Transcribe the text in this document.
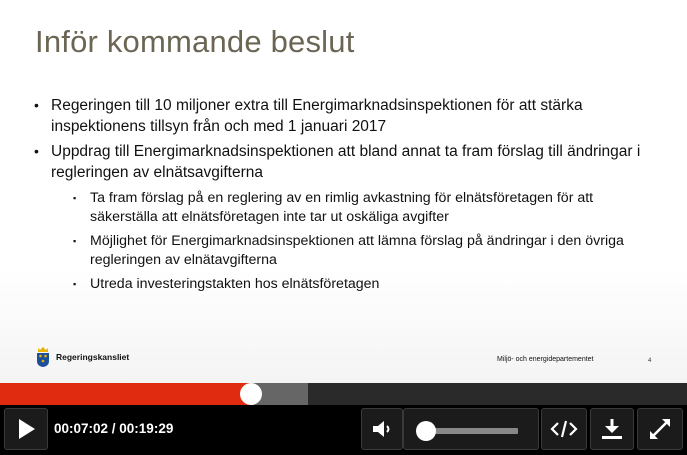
Inför kommande beslut
• Regeringen till 10 miljoner extra till Energimarknadsinspektionen för att stärka inspektionens tillsyn från och med 1 januari 2017
• Uppdrag till Energimarknadsinspektionen att bland annat ta fram förslag till ändringar i regleringen av elnätsavgifterna
▪ Ta fram förslag på en reglering av en rimlig avkastning för elnätsföretagen för att säkerställa att elnätsföretagen inte tar ut oskäliga avgifter
▪ Möjlighet för Energimarknadsinspektionen att lämna förslag på ändringar i den övriga regleringen av elnätavgifterna
▪ Utreda investeringstakten hos elnätsföretagen
Regeringskansliet	Miljö- och energidepartementet	4
00:07:02 / 00:19:29
